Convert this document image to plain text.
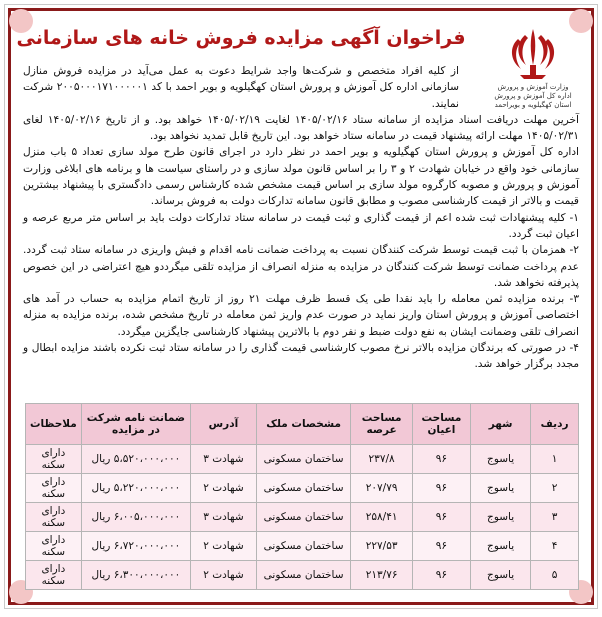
وزارت آموزش و پرورش
اداره کل آموزش و پرورش استان کهگیلویه و بویراحمد
فراخوان آگهی مزایده فروش خانه های سازمانی

از کلیه افراد متخصص و شرکت‌ها واجد شرایط دعوت به عمل می‌آید در مزایده فروش منازل سازمانی اداره کل آموزش و پرورش استان کهگیلویه و بویر احمد با کد ۲۰۰۵۰۰۰۱۷۱۰۰۰۰۰۱ شرکت نمایند.

آخرین مهلت دریافت اسناد مزایده از سامانه ستاد ۱۴۰۵/۰۲/۱۶ لغایت ۱۴۰۵/۰۲/۱۹ خواهد بود. و از تاریخ ۱۴۰۵/۰۲/۱۶ لغای ۱۴۰۵/۰۲/۳۱ مهلت ارائه پیشنهاد قیمت در سامانه ستاد خواهد بود. این تاریخ قابل تمدید نخواهد بود.

اداره کل آموزش و پرورش استان کهگیلویه و بویر احمد در نظر دارد در اجرای قانون طرح مولد سازی تعداد ۵ باب منزل سازمانی خود واقع در خیابان شهادت ۲ و ۳ را بر اساس قانون مولد سازی و در راستای سیاست ها و برنامه های ابلاغی وزارت آموزش و پرورش و مصوبه کارگروه مولد سازی بر اساس قیمت مشخص شده کارشناس رسمی دادگستری با پیشنهاد بیشترین قیمت و بالاتر از قیمت کارشناسی مصوب و مطابق قانون سامانه تدارکات دولت به فروش برساند.

۱- کلیه پیشنهادات ثبت شده اعم از قیمت گذاری و ثبت قیمت در سامانه ستاد تدارکات دولت باید بر اساس متر مربع عرصه و اعیان ثبت گردد.

۲- همزمان با ثبت قیمت توسط شرکت کنندگان نسبت به پرداخت ضمانت نامه اقدام و فیش واریزی در سامانه ستاد ثبت گردد. عدم پرداخت ضمانت توسط شرکت کنندگان در مزایده به منزله انصراف از مزایده تلقی میگرددو هیچ اعتراضی در این خصوص پذیرفته نخواهد شد.

۳- برنده مزایده ثمن معامله را باید نقدا طی یک قسط ظرف مهلت ۲۱ روز از تاریخ اتمام مزایده به حساب در آمد های اختصاصی آموزش و پرورش استان واریز نماید در صورت عدم واریز ثمن معامله در تاریخ مشخص شده، برنده مزایده به منزله انصراف تلقی وضمانت ایشان به نفع دولت ضبط و نفر دوم با بالاترین پیشنهاد کارشناسی جایگزین میگردد.

۴- در صورتی که برندگان مزایده بالاتر نرخ مصوب کارشناسی قیمت گذاری را در سامانه ستاد ثبت نکرده باشند مزایده ابطال و مجدد برگزار خواهد شد.

ردیف	شهر	مساحت اعیان	مساحت عرصه	مشخصات ملک	آدرس	ضمانت نامه شرکت در مزایده	ملاحظات
۱	یاسوج	۹۶	۲۳۷/۸	ساختمان مسکونی	شهادت ۳	۵،۵۲۰،۰۰۰،۰۰۰ ریال	دارای سکنه
۲	یاسوج	۹۶	۲۰۷/۷۹	ساختمان مسکونی	شهادت ۲	۵،۲۲۰،۰۰۰،۰۰۰ ریال	دارای سکنه
۳	یاسوج	۹۶	۲۵۸/۴۱	ساختمان مسکونی	شهادت ۳	۶،۰۰۵،۰۰۰،۰۰۰ ریال	دارای سکنه
۴	یاسوج	۹۶	۲۲۷/۵۳	ساختمان مسکونی	شهادت ۲	۶،۷۲۰،۰۰۰،۰۰۰ ریال	دارای سکنه
۵	یاسوج	۹۶	۲۱۳/۷۶	ساختمان مسکونی	شهادت ۲	۶،۳۰۰،۰۰۰،۰۰۰ ریال	دارای سکنه
